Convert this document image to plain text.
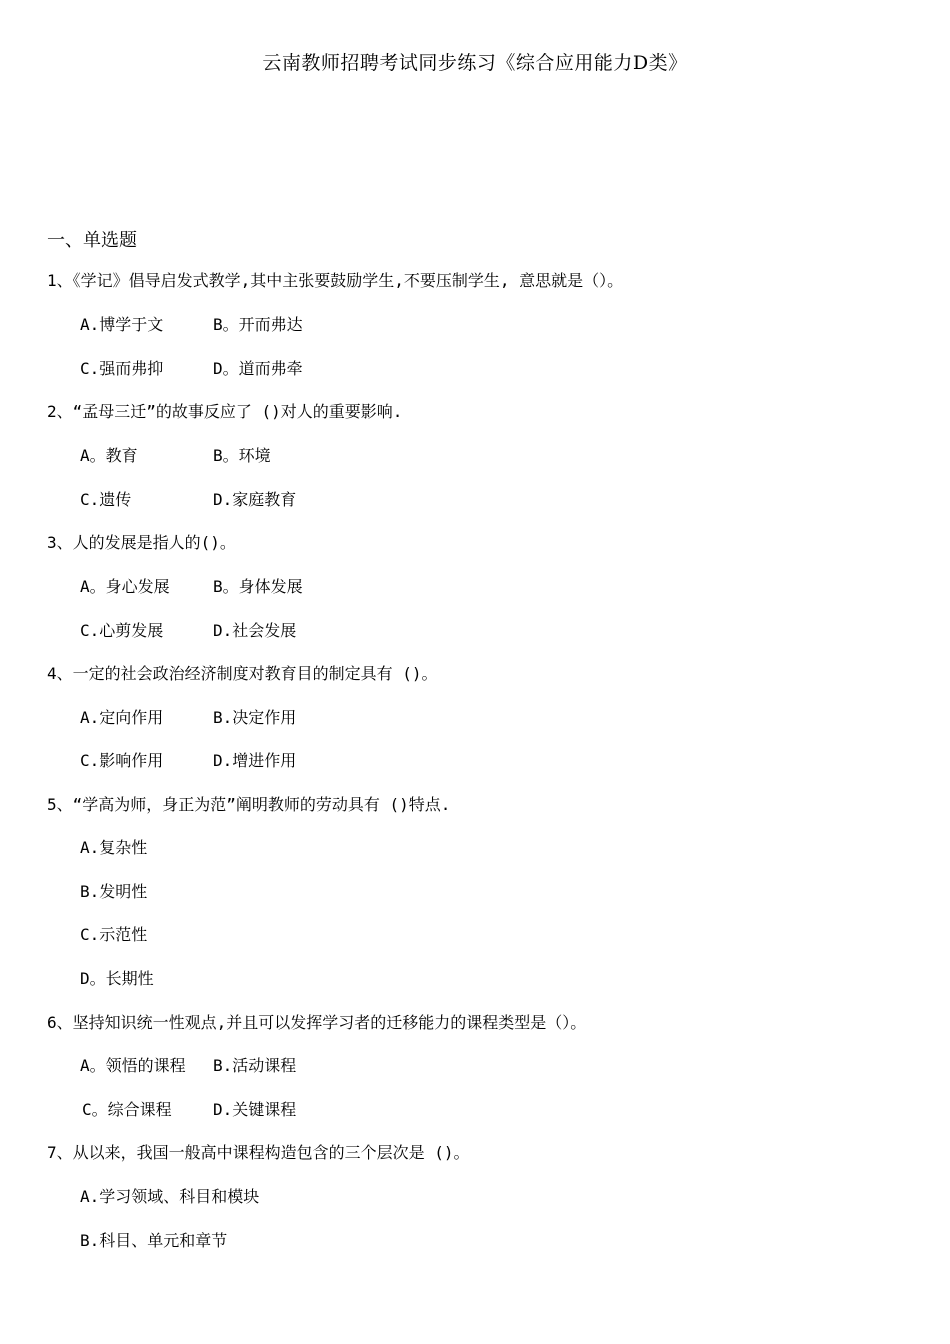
云南教师招聘考试同步练习《综合应用能力D类》
一、单选题
1、《学记》倡导启发式教学,其中主张要鼓励学生,不要压制学生, 意思就是（）。
A.博学于文	B。开而弗达
C.强而弗抑	D。道而弗牵
2、“孟母三迁”的故事反应了 ()对人的重要影响.
A。教育	B。环境
C.遗传	D.家庭教育
3、人的发展是指人的()。
A。身心发展	B。身体发展
C.心剪发展	D.社会发展
4、一定的社会政治经济制度对教育目的制定具有 ()。
A.定向作用	B.决定作用
C.影响作用	D.增进作用
5、“学高为师，身正为范”阐明教师的劳动具有 ()特点.
A.复杂性
B.发明性
C.示范性
D。长期性
6、坚持知识统一性观点,并且可以发挥学习者的迁移能力的课程类型是（）。
A。领悟的课程 B.活动课程
C。综合课程	D.关键课程
7、从以来，我国一般高中课程构造包含的三个层次是 ()。
A.学习领域、科目和模块
B.科目、单元和章节
